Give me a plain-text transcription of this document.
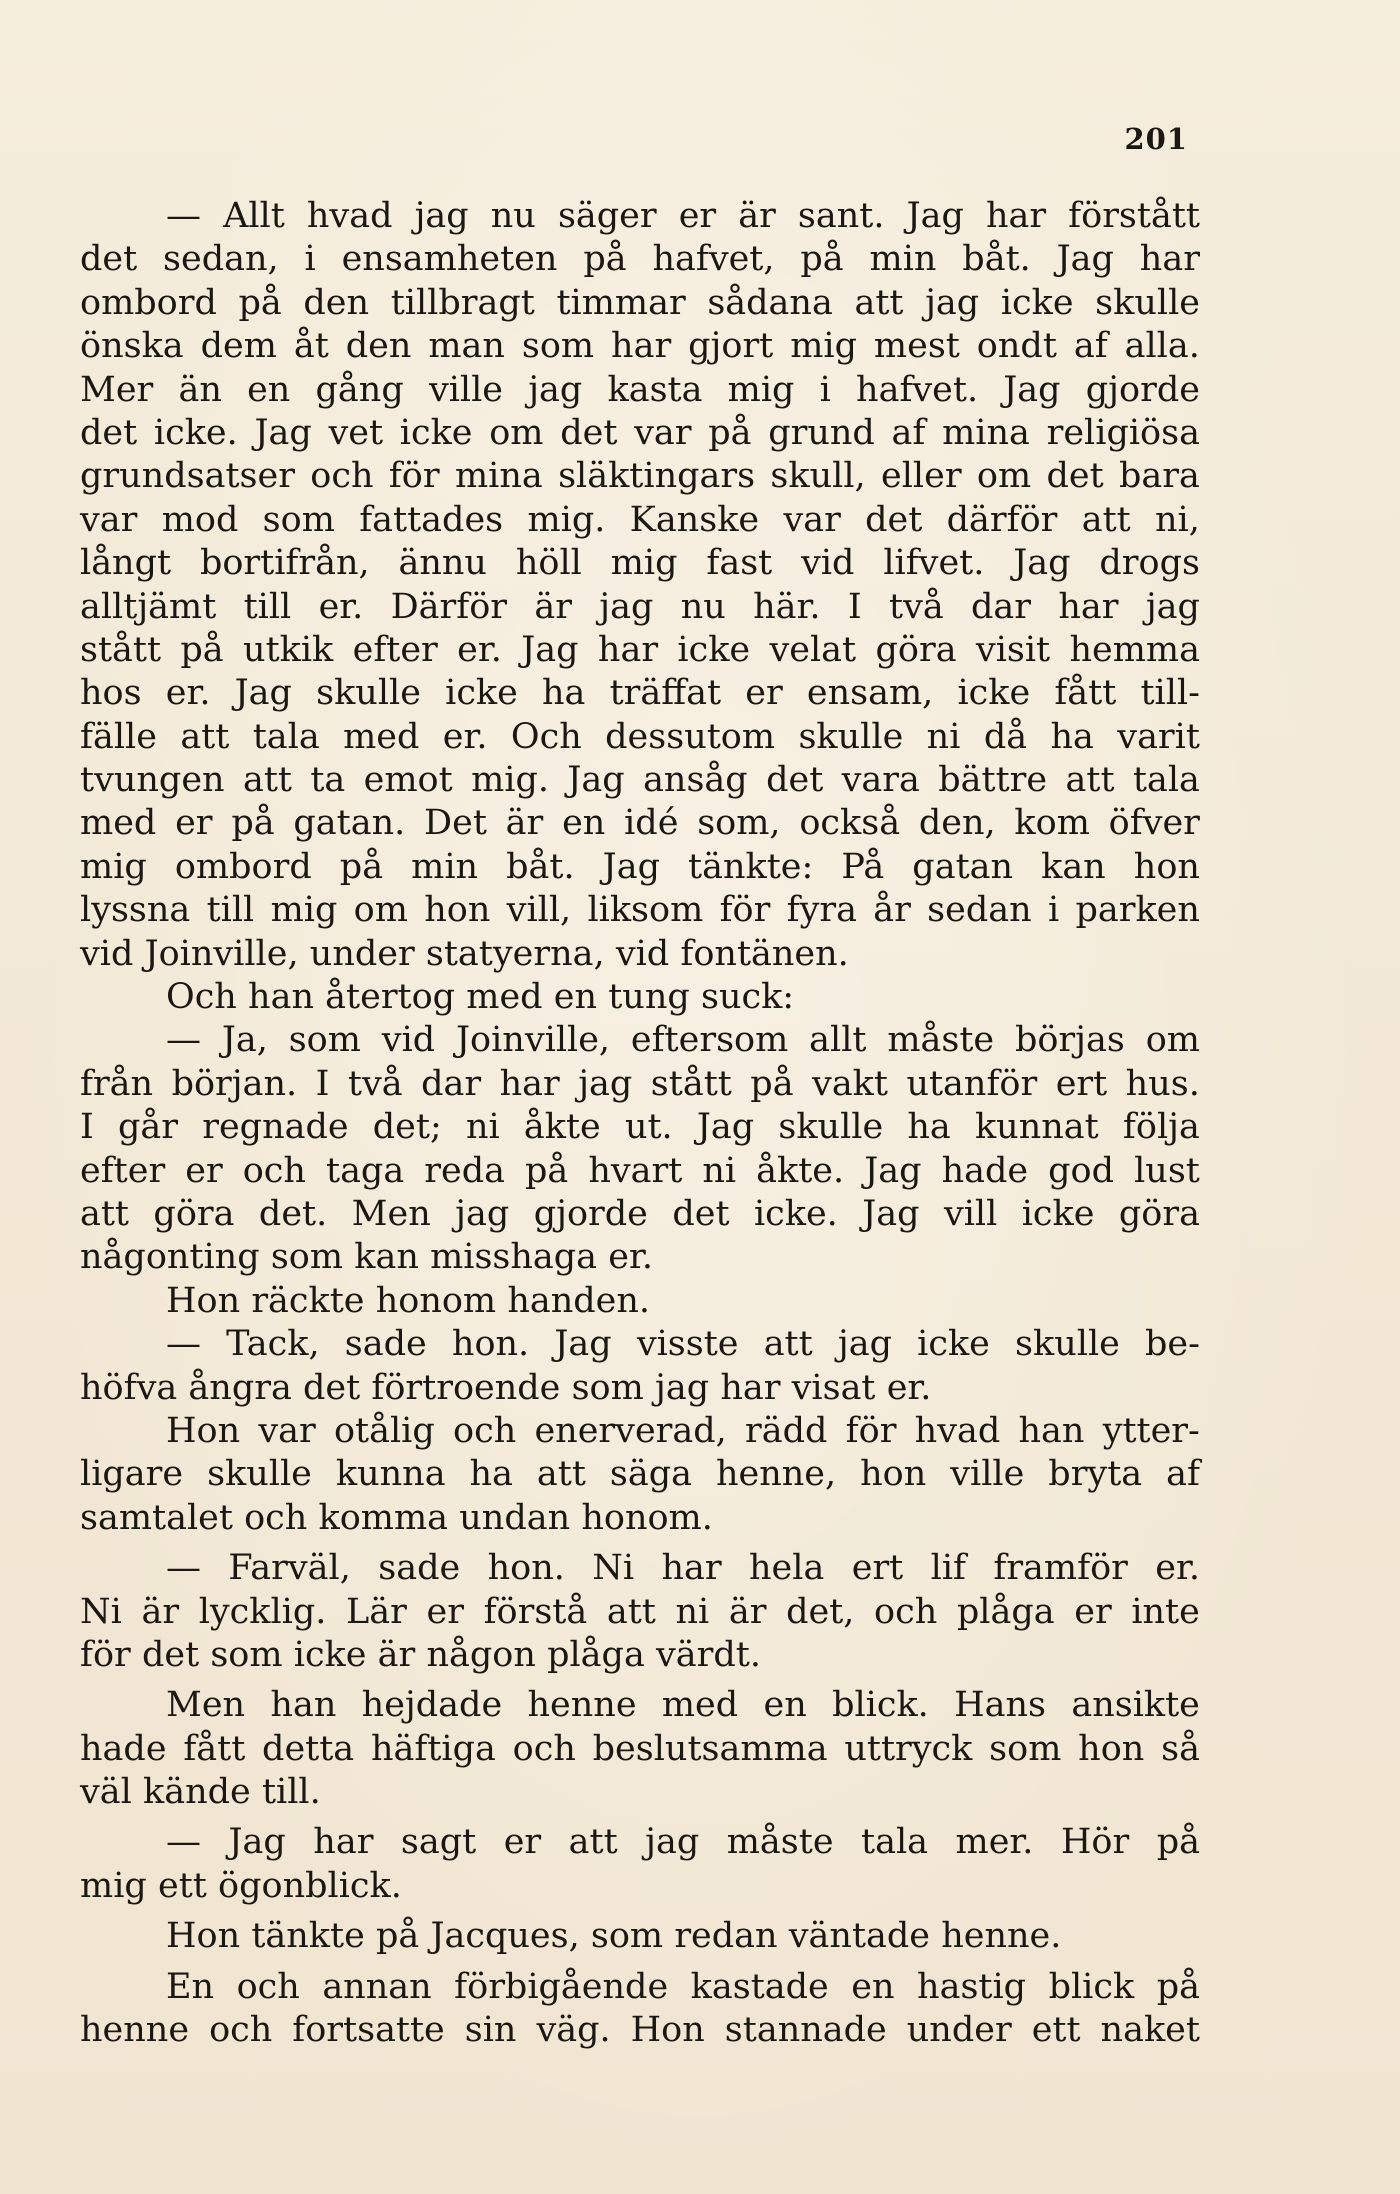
201
— Allt hvad jag nu säger er är sant. Jag har förstått
det sedan, i ensamheten på hafvet, på min båt. Jag har
ombord på den tillbragt timmar sådana att jag icke skulle
önska dem åt den man som har gjort mig mest ondt af alla.
Mer än en gång ville jag kasta mig i hafvet. Jag gjorde
det icke. Jag vet icke om det var på grund af mina religiösa
grundsatser och för mina släktingars skull, eller om det bara
var mod som fattades mig. Kanske var det därför att ni,
långt bortifrån, ännu höll mig fast vid lifvet. Jag drogs
alltjämt till er. Därför är jag nu här. I två dar har jag
stått på utkik efter er. Jag har icke velat göra visit hemma
hos er. Jag skulle icke ha träffat er ensam, icke fått till-
fälle att tala med er. Och dessutom skulle ni då ha varit
tvungen att ta emot mig. Jag ansåg det vara bättre att tala
med er på gatan. Det är en idé som, också den, kom öfver
mig ombord på min båt. Jag tänkte: På gatan kan hon
lyssna till mig om hon vill, liksom för fyra år sedan i parken
vid Joinville, under statyerna, vid fontänen.
Och han återtog med en tung suck:
— Ja, som vid Joinville, eftersom allt måste börjas om
från början. I två dar har jag stått på vakt utanför ert hus.
I går regnade det; ni åkte ut. Jag skulle ha kunnat följa
efter er och taga reda på hvart ni åkte. Jag hade god lust
att göra det. Men jag gjorde det icke. Jag vill icke göra
någonting som kan misshaga er.
Hon räckte honom handen.
— Tack, sade hon. Jag visste att jag icke skulle be-
höfva ångra det förtroende som jag har visat er.
Hon var otålig och enerverad, rädd för hvad han ytter-
ligare skulle kunna ha att säga henne, hon ville bryta af
samtalet och komma undan honom.
— Farväl, sade hon. Ni har hela ert lif framför er.
Ni är lycklig. Lär er förstå att ni är det, och plåga er inte
för det som icke är någon plåga värdt.
Men han hejdade henne med en blick. Hans ansikte
hade fått detta häftiga och beslutsamma uttryck som hon så
väl kände till.
— Jag har sagt er att jag måste tala mer. Hör på
mig ett ögonblick.
Hon tänkte på Jacques, som redan väntade henne.
En och annan förbigående kastade en hastig blick på
henne och fortsatte sin väg. Hon stannade under ett naket
